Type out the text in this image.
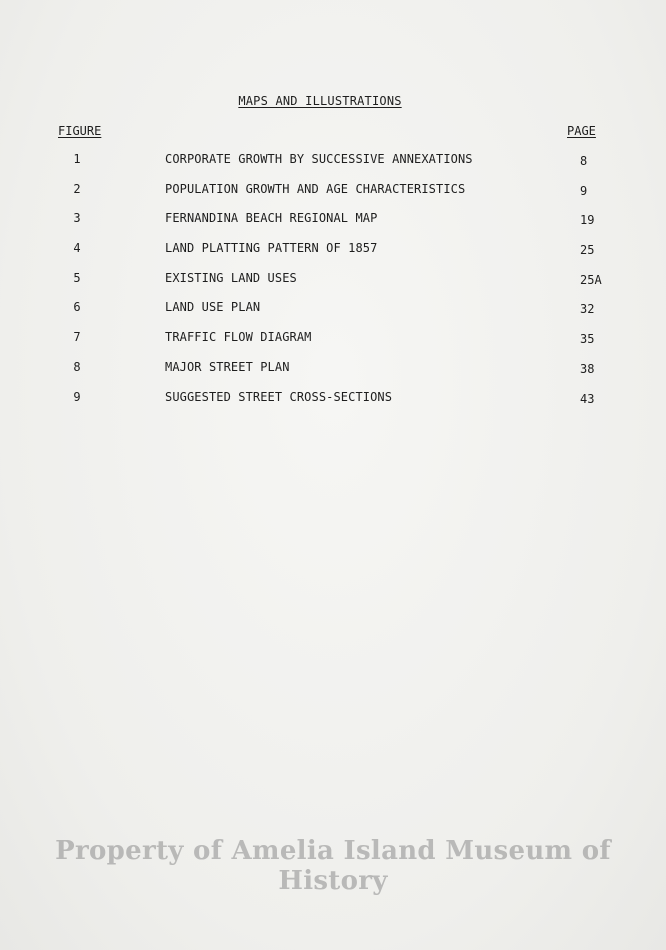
MAPS AND ILLUSTRATIONS
FIGURE	PAGE
1	CORPORATE GROWTH BY SUCCESSIVE ANNEXATIONS	8
2	POPULATION GROWTH AND AGE CHARACTERISTICS	9
3	FERNANDINA BEACH REGIONAL MAP	19
4	LAND PLATTING PATTERN OF 1857	25
5	EXISTING LAND USES	25A
6	LAND USE PLAN	32
7	TRAFFIC FLOW DIAGRAM	35
8	MAJOR STREET PLAN	38
9	SUGGESTED STREET CROSS-SECTIONS	43
Property of Amelia Island Museum of History
